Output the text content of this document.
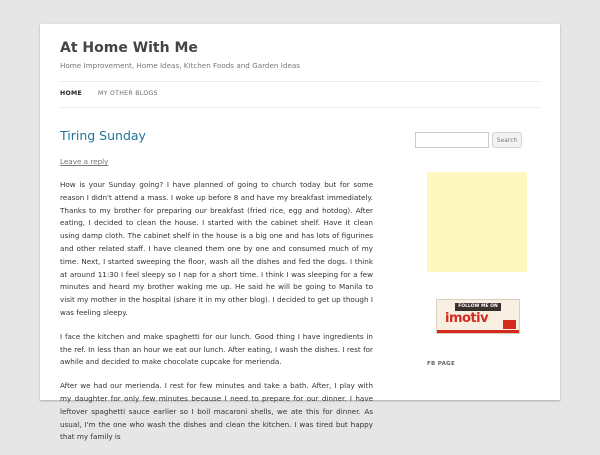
At Home With Me
Home Improvement, Home Ideas, Kitchen Foods and Garden Ideas
HOME	MY OTHER BLOGS
Tiring Sunday
Leave a reply

How is your Sunday going? I have planned of going to church today but for some reason I didn't attend a mass. I woke up before 8 and have my breakfast immediately. Thanks to my brother for preparing our breakfast (fried rice, egg and hotdog). After eating, I decided to clean the house. I started with the cabinet shelf. Have it clean using damp cloth. The cabinet shelf in the house is a big one and has lots of figurines and other related staff. I have cleaned them one by one and consumed much of my time. Next, I started sweeping the floor, wash all the dishes and fed the dogs. I think at around 11:30 I feel sleepy so I nap for a short time. I think I was sleeping for a few minutes and heard my brother waking me up. He said he will be going to Manila to visit my mother in the hospital (share it in my other blog). I decided to get up though I was feeling sleepy.

I face the kitchen and make spaghetti for our lunch. Good thing I have ingredients in the ref. In less than an hour we eat our lunch. After eating, I wash the dishes. I rest for awhile and decided to make chocolate cupcake for merienda.

After we had our merienda. I rest for few minutes and take a bath. After, I play with my daughter for only few minutes because I need to prepare for our dinner. I have leftover spaghetti sauce earlier so I boil macaroni shells, we ate this for dinner. As usual, I'm the one who wash the dishes and clean the kitchen. I was tired but happy that my family is

Search
FOLLOW ME ON
imotiv
FB PAGE
